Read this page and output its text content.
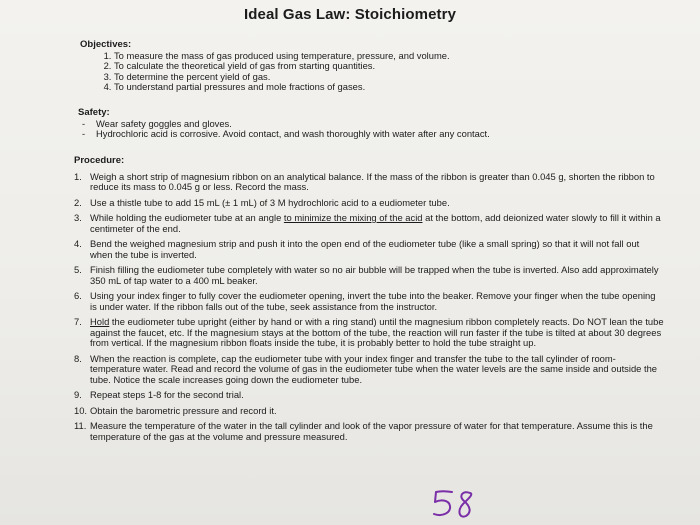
Ideal Gas Law: Stoichiometry
Objectives:
1. To measure the mass of gas produced using temperature, pressure, and volume.
2. To calculate the theoretical yield of gas from starting quantities.
3. To determine the percent yield of gas.
4. To understand partial pressures and mole fractions of gases.
Safety:
- Wear safety goggles and gloves.
- Hydrochloric acid is corrosive. Avoid contact, and wash thoroughly with water after any contact.
Procedure:
1. Weigh a short strip of magnesium ribbon on an analytical balance. If the mass of the ribbon is greater than 0.045 g, shorten the ribbon to reduce its mass to 0.045 g or less. Record the mass.
2. Use a thistle tube to add 15 mL (± 1 mL) of 3 M hydrochloric acid to a eudiometer tube.
3. While holding the eudiometer tube at an angle to minimize the mixing of the acid at the bottom, add deionized water slowly to fill it within a centimeter of the end.
4. Bend the weighed magnesium strip and push it into the open end of the eudiometer tube (like a small spring) so that it will not fall out when the tube is inverted.
5. Finish filling the eudiometer tube completely with water so no air bubble will be trapped when the tube is inverted. Also add approximately 350 mL of tap water to a 400 mL beaker.
6. Using your index finger to fully cover the eudiometer opening, invert the tube into the beaker. Remove your finger when the tube opening is under water. If the ribbon falls out of the tube, seek assistance from the instructor.
7. Hold the eudiometer tube upright (either by hand or with a ring stand) until the magnesium ribbon completely reacts. Do NOT lean the tube against the faucet, etc. If the magnesium stays at the bottom of the tube, the reaction will run faster if the tube is tilted at about 30 degrees from vertical. If the magnesium ribbon floats inside the tube, it is probably better to hold the tube straight up.
8. When the reaction is complete, cap the eudiometer tube with your index finger and transfer the tube to the tall cylinder of room-temperature water. Read and record the volume of gas in the eudiometer tube when the water levels are the same inside and outside the tube. Notice the scale increases going down the eudiometer tube.
9. Repeat steps 1-8 for the second trial.
10. Obtain the barometric pressure and record it.
11. Measure the temperature of the water in the tall cylinder and look of the vapor pressure of water for that temperature. Assume this is the temperature of the gas at the volume and pressure measured.
